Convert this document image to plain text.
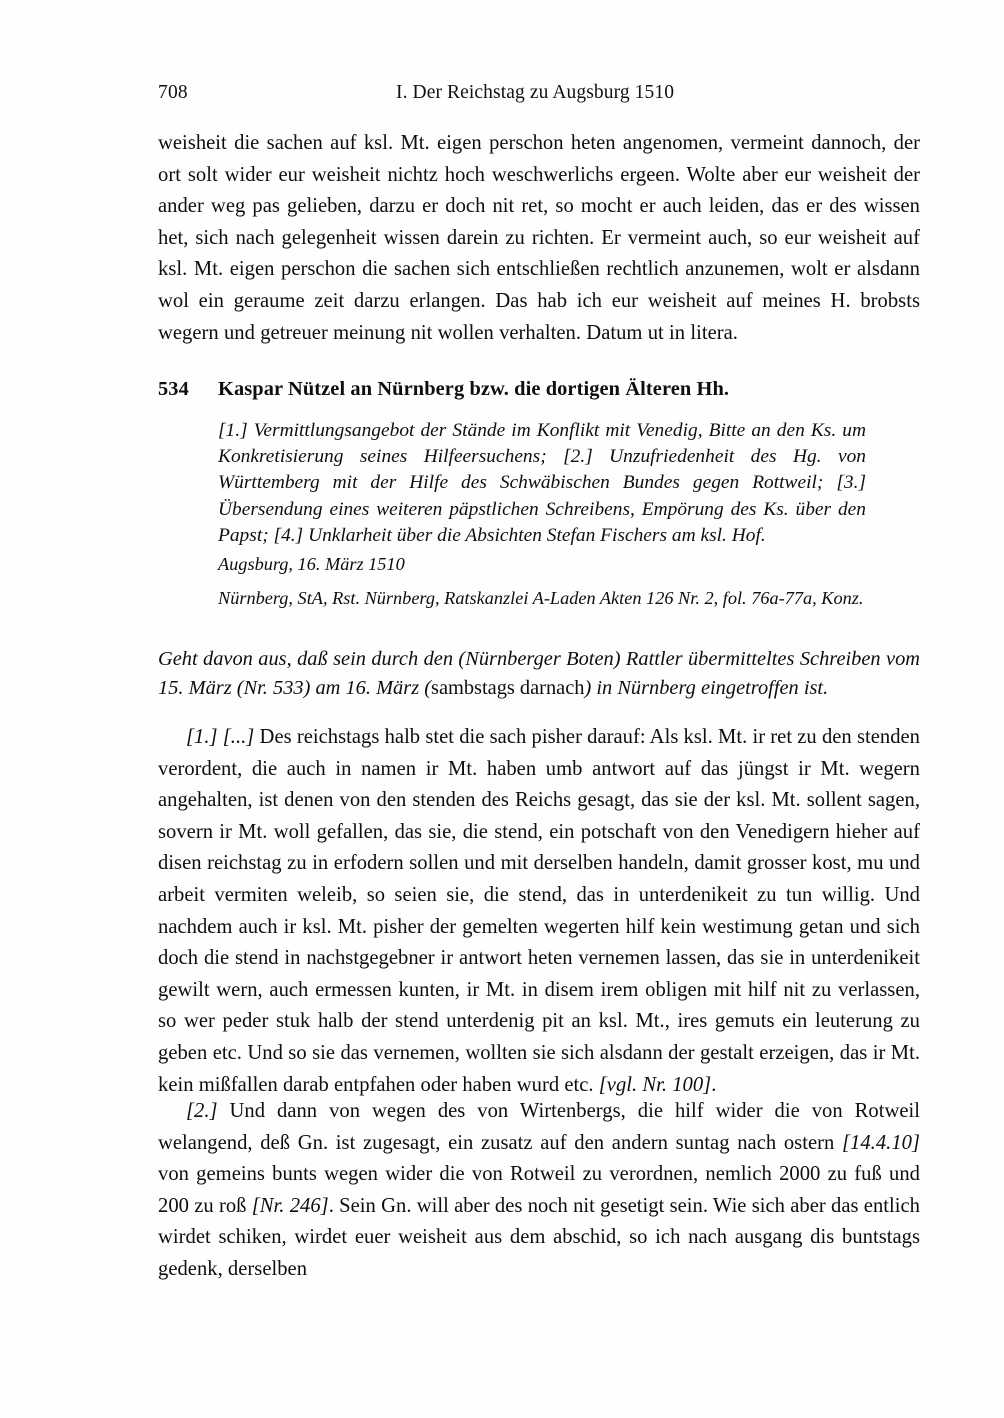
708	I. Der Reichstag zu Augsburg 1510
weisheit die sachen auf ksl. Mt. eigen perschon heten angenomen, vermeint dannoch, der ort solt wider eur weisheit nichtz hoch weschwerlichs ergeen. Wolte aber eur weisheit der ander weg pas gelieben, darzu er doch nit ret, so mocht er auch leiden, das er des wissen het, sich nach gelegenheit wissen darein zu richten. Er vermeint auch, so eur weisheit auf ksl. Mt. eigen perschon die sachen sich entschließen rechtlich anzunemen, wolt er alsdann wol ein geraume zeit darzu erlangen. Das hab ich eur weisheit auf meines H. brobsts wegern und getreuer meinung nit wollen verhalten. Datum ut in litera.
534 Kaspar Nützel an Nürnberg bzw. die dortigen Älteren Hh.
[1.] Vermittlungsangebot der Stände im Konflikt mit Venedig, Bitte an den Ks. um Konkretisierung seines Hilfeersuchens; [2.] Unzufriedenheit des Hg. von Württemberg mit der Hilfe des Schwäbischen Bundes gegen Rottweil; [3.] Übersendung eines weiteren päpstlichen Schreibens, Empörung des Ks. über den Papst; [4.] Unklarheit über die Absichten Stefan Fischers am ksl. Hof.
Augsburg, 16. März 1510
Nürnberg, StA, Rst. Nürnberg, Ratskanzlei A-Laden Akten 126 Nr. 2, fol. 76a-77a, Konz.
Geht davon aus, daß sein durch den (Nürnberger Boten) Rattler übermitteltes Schreiben vom 15. März (Nr. 533) am 16. März (sambstags darnach) in Nürnberg eingetroffen ist.
[1.] [...] Des reichstags halb stet die sach pisher darauf: Als ksl. Mt. ir ret zu den stenden verordent, die auch in namen ir Mt. haben umb antwort auf das jüngst ir Mt. wegern angehalten, ist denen von den stenden des Reichs gesagt, das sie der ksl. Mt. sollent sagen, sovern ir Mt. woll gefallen, das sie, die stend, ein potschaft von den Venedigern hieher auf disen reichstag zu in erfodern sollen und mit derselben handeln, damit grosser kost, mu und arbeit vermiten weleib, so seien sie, die stend, das in unterdenikeit zu tun willig. Und nachdem auch ir ksl. Mt. pisher der gemelten wegerten hilf kein westimung getan und sich doch die stend in nachstgegebner ir antwort heten vernemen lassen, das sie in unterdenikeit gewilt wern, auch ermessen kunten, ir Mt. in disem irem obligen mit hilf nit zu verlassen, so wer peder stuk halb der stend unterdenig pit an ksl. Mt., ires gemuts ein leuterung zu geben etc. Und so sie das vernemen, wollten sie sich alsdann der gestalt erzeigen, das ir Mt. kein mißfallen darab entpfahen oder haben wurd etc. [vgl. Nr. 100].
[2.] Und dann von wegen des von Wirtenbergs, die hilf wider die von Rotweil welangend, deß Gn. ist zugesagt, ein zusatz auf den andern suntag nach ostern [14.4.10] von gemeins bunts wegen wider die von Rotweil zu verordnen, nemlich 2000 zu fuß und 200 zu roß [Nr. 246]. Sein Gn. will aber des noch nit gesetigt sein. Wie sich aber das entlich wirdet schiken, wirdet euer weisheit aus dem abschid, so ich nach ausgang dis buntstags gedenk, derselben
